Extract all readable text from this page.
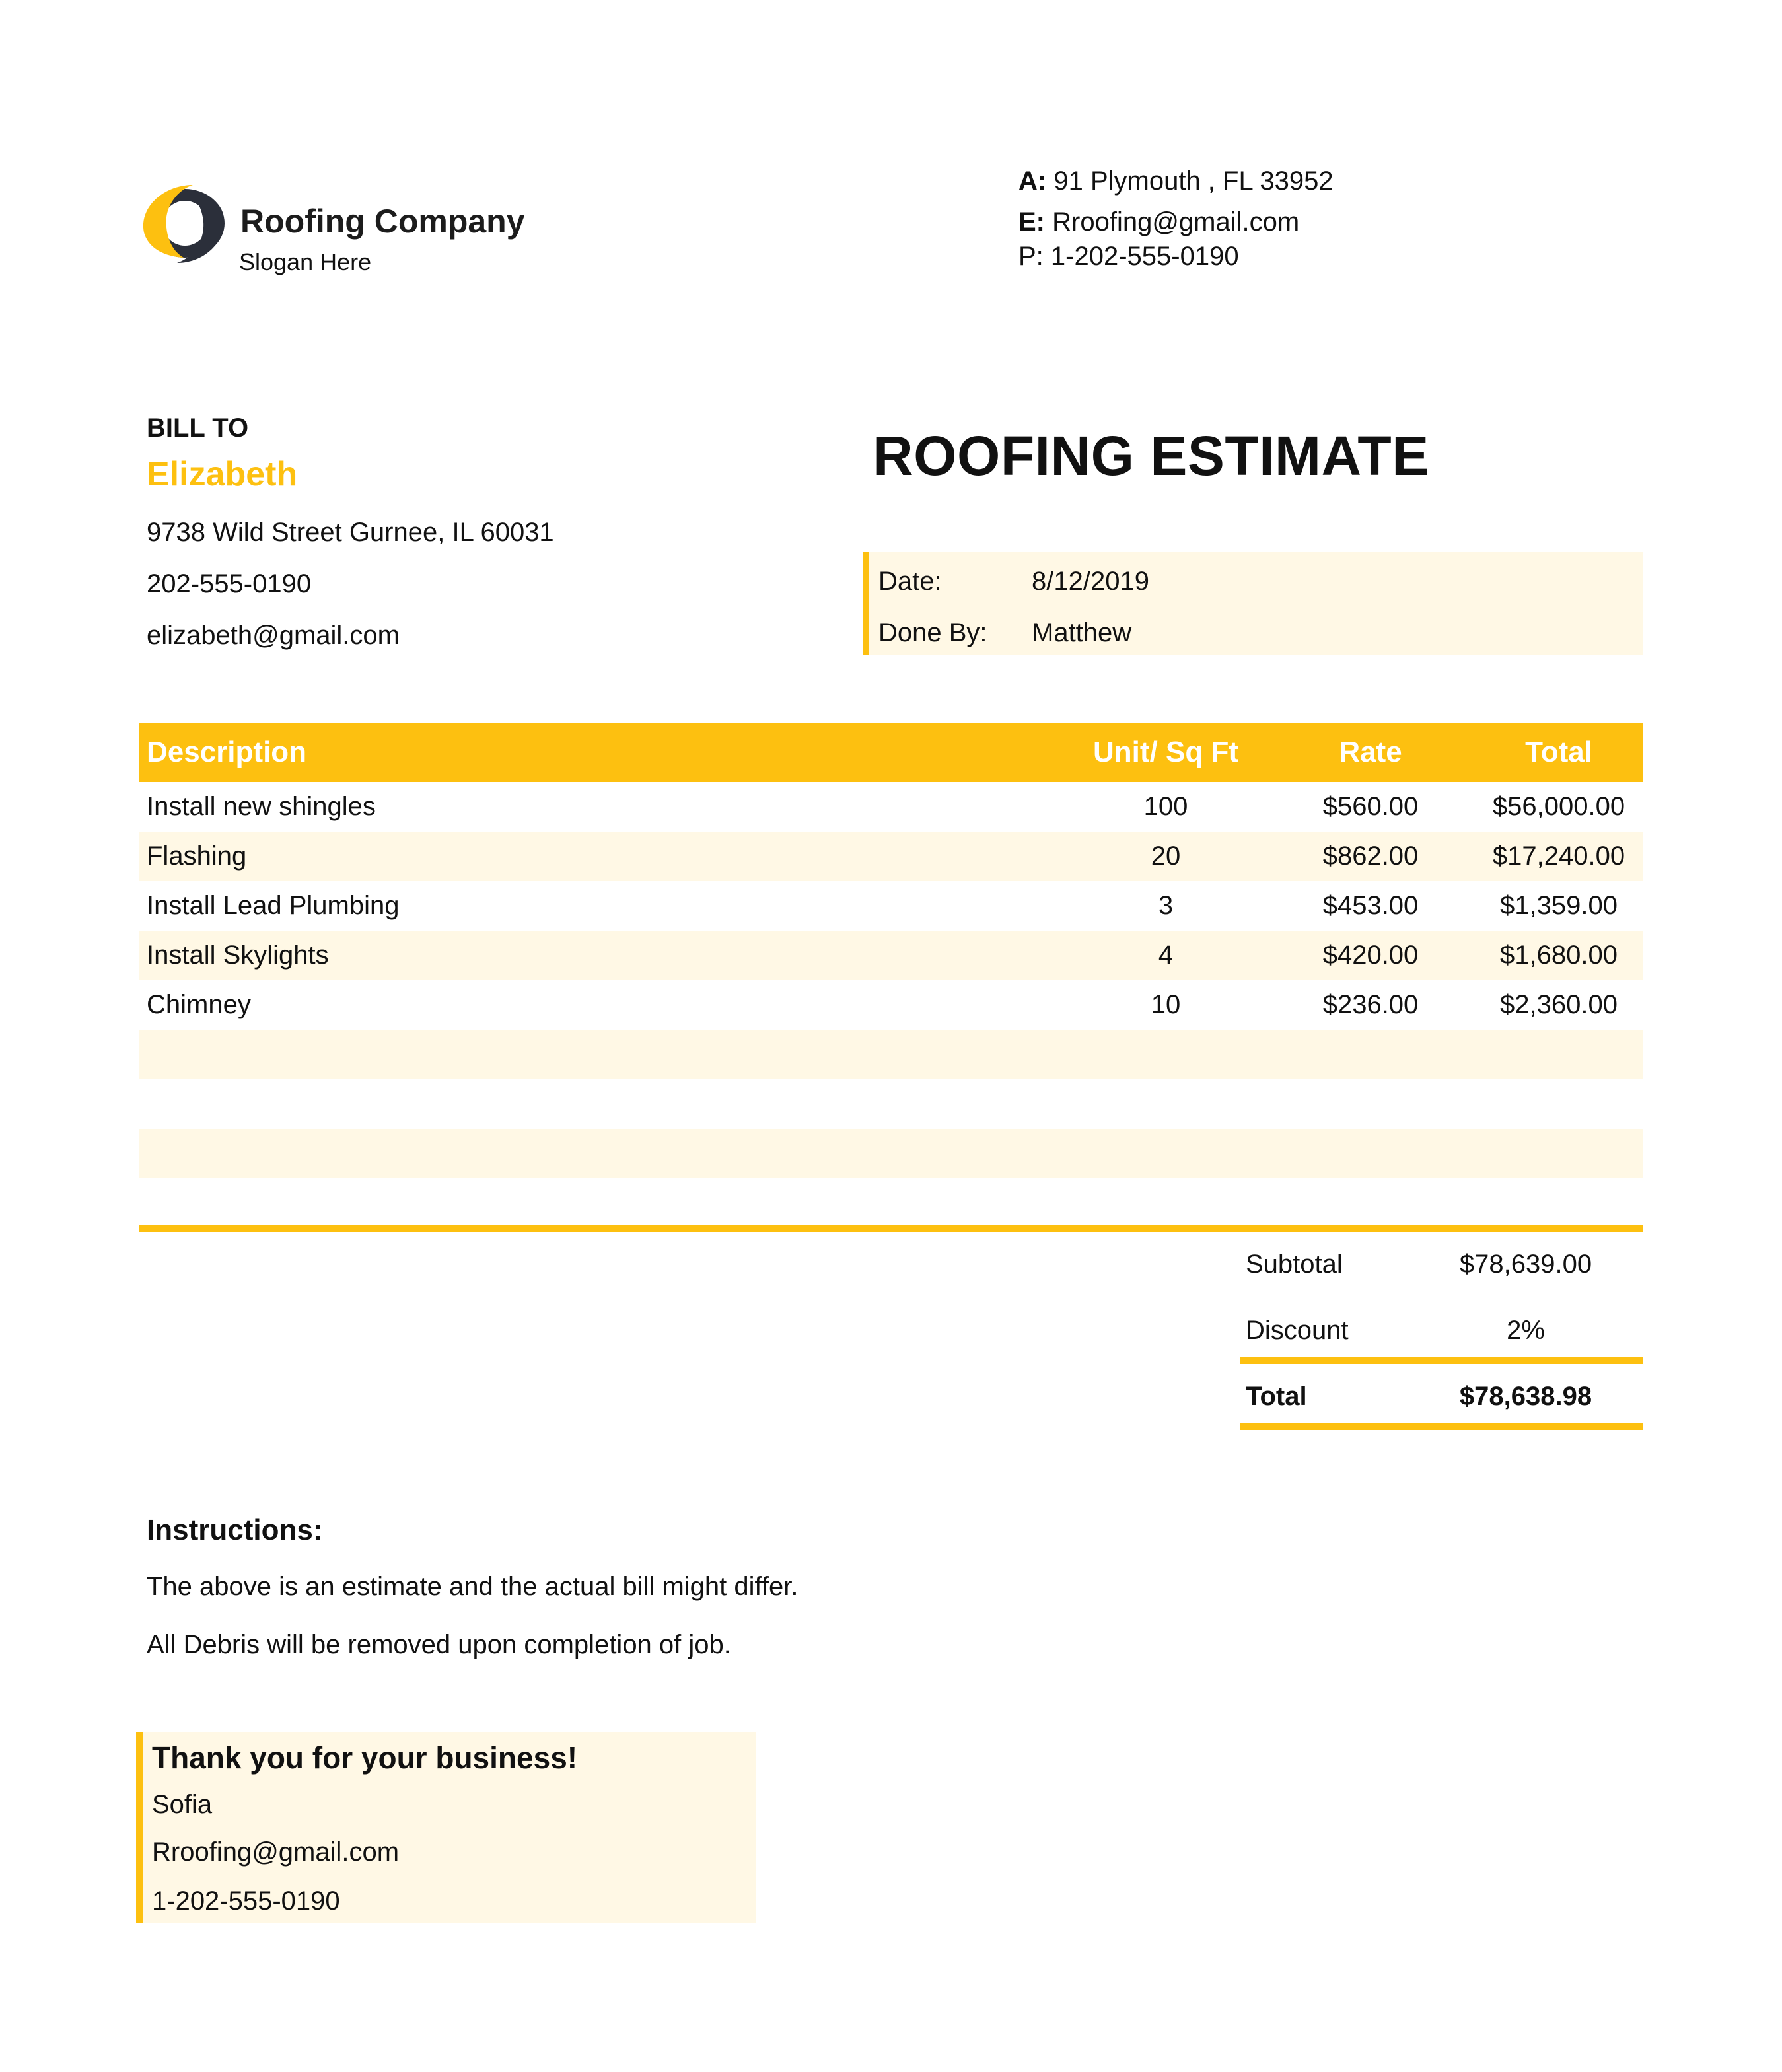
Roofing Company
Slogan Here
A: 91 Plymouth , FL 33952
E: Rroofing@gmail.com
P: 1-202-555-0190
BILL TO
Elizabeth
9738 Wild Street Gurnee, IL 60031
202-555-0190
elizabeth@gmail.com
ROOFING ESTIMATE
Date:	8/12/2019
Done By: Matthew
Description	Unit/ Sq Ft	Rate	Total
Install new shingles	100	$560.00	$56,000.00
Flashing	20	$862.00	$17,240.00
Install Lead Plumbing	3	$453.00	$1,359.00
Install Skylights	4	$420.00	$1,680.00
Chimney	10	$236.00	$2,360.00
Subtotal	$78,639.00
Discount	2%
Total	$78,638.98
Instructions:
The above is an estimate and the actual bill might differ.
All Debris will be removed upon completion of job.
Thank you for your business!
Sofia
Rroofing@gmail.com
1-202-555-0190
